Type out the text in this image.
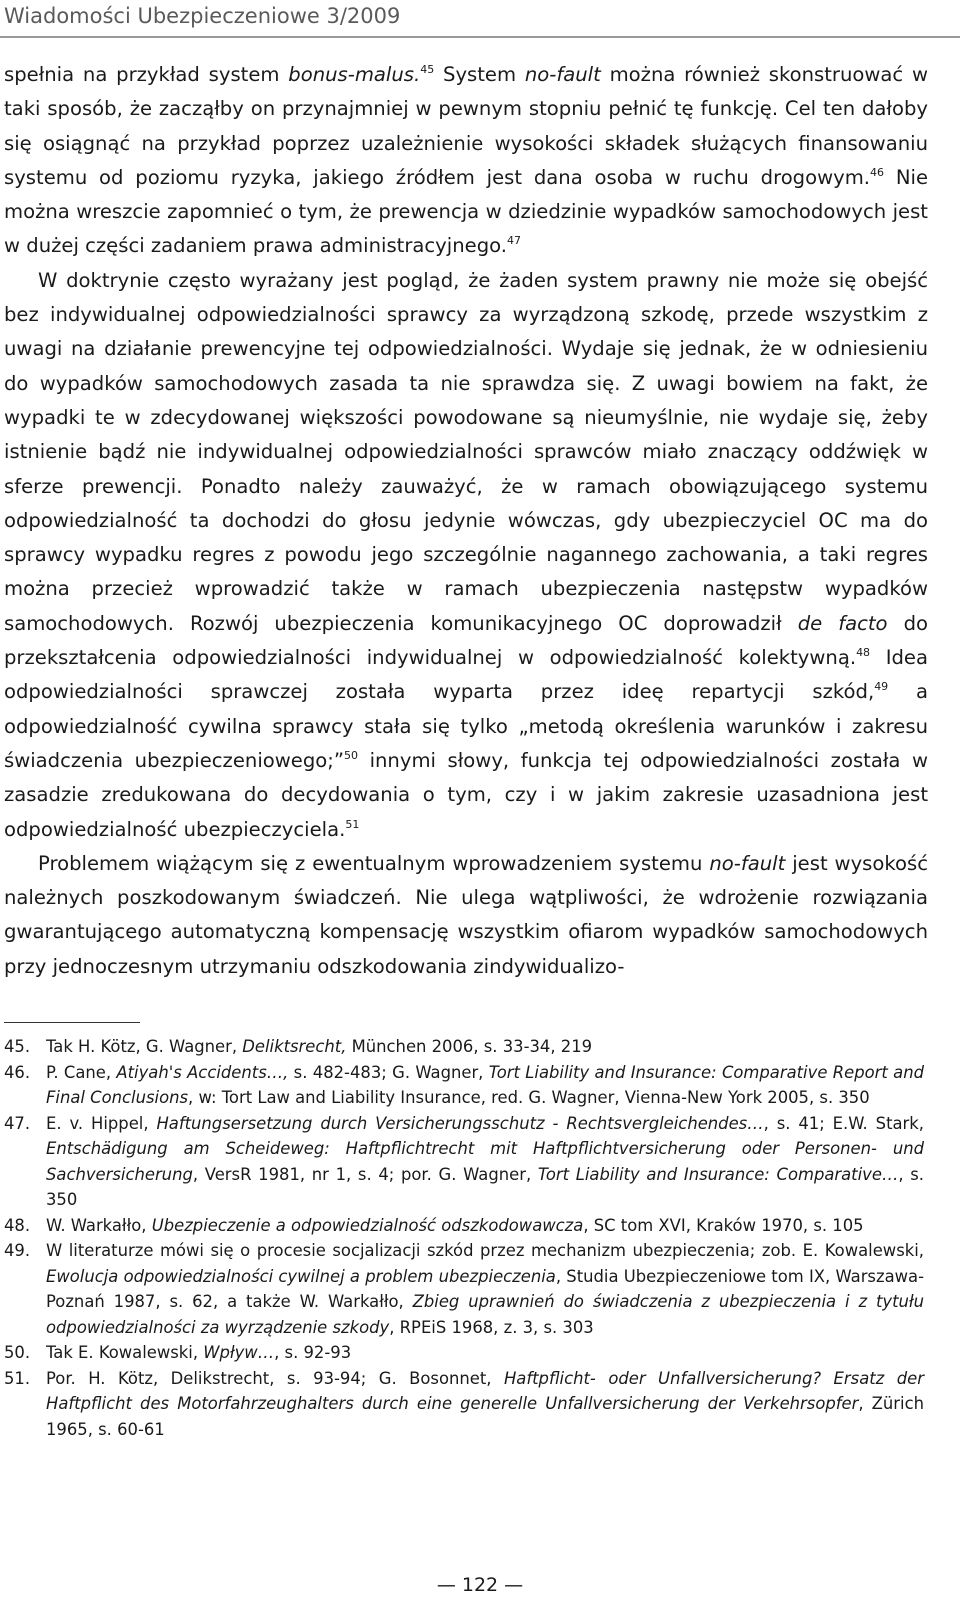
Wiadomości Ubezpieczeniowe 3/2009

spełnia na przykład system bonus-malus.$^{45}$ System no-fault można również skonstruować w taki sposób, że zacząłby on przynajmniej w pewnym stopniu pełnić tę funkcję. Cel ten dałoby się osiągnąć na przykład poprzez uzależnienie wysokości składek służących finansowaniu systemu od poziomu ryzyka, jakiego źródłem jest dana osoba w ruchu drogowym.$^{46}$ Nie można wreszcie zapomnieć o tym, że prewencja w dziedzinie wypadków samochodowych jest w dużej części zadaniem prawa administracyjnego.$^{47}$

W doktrynie często wyrażany jest pogląd, że żaden system prawny nie może się obejść bez indywidualnej odpowiedzialności sprawcy za wyrządzoną szkodę, przede wszystkim z uwagi na działanie prewencyjne tej odpowiedzialności. Wydaje się jednak, że w odniesieniu do wypadków samochodowych zasada ta nie sprawdza się. Z uwagi bowiem na fakt, że wypadki te w zdecydowanej większości powodowane są nieumyślnie, nie wydaje się, żeby istnienie bądź nie indywidualnej odpowiedzialności sprawców miało znaczący oddźwięk w sferze prewencji. Ponadto należy zauważyć, że w ramach obowiązującego systemu odpowiedzialność ta dochodzi do głosu jedynie wówczas, gdy ubezpieczyciel OC ma do sprawcy wypadku regres z powodu jego szczególnie nagannego zachowania, a taki regres można przecież wprowadzić także w ramach ubezpieczenia następstw wypadków samochodowych. Rozwój ubezpieczenia komunikacyjnego OC doprowadził de facto do przekształcenia odpowiedzialności indywidualnej w odpowiedzialność kolektywną.$^{48}$ Idea odpowiedzialności sprawczej została wyparta przez ideę repartycji szkód,$^{49}$ a odpowiedzialność cywilna sprawcy stała się tylko „metodą określenia warunków i zakresu świadczenia ubezpieczeniowego;”$^{50}$ innymi słowy, funkcja tej odpowiedzialności została w zasadzie zredukowana do decydowania o tym, czy i w jakim zakresie uzasadniona jest odpowiedzialność ubezpieczyciela.$^{51}$

Problemem wiążącym się z ewentualnym wprowadzeniem systemu no-fault jest wysokość należnych poszkodowanym świadczeń. Nie ulega wątpliwości, że wdrożenie rozwiązania gwarantującego automatyczną kompensację wszystkim ofiarom wypadków samochodowych przy jednoczesnym utrzymaniu odszkodowania zindywidualizo-

45. Tak H. Kötz, G. Wagner, Deliktsrecht, München 2006, s. 33-34, 219
46. P. Cane, Atiyah's Accidents…, s. 482-483; G. Wagner, Tort Liability and Insurance: Comparative Report and Final Conclusions, w: Tort Law and Liability Insurance, red. G. Wagner, Vienna-New York 2005, s. 350
47. E. v. Hippel, Haftungsersetzung durch Versicherungsschutz - Rechtsvergleichendes…, s. 41; E.W. Stark, Entschädigung am Scheideweg: Haftpflichtrecht mit Haftpflichtversicherung oder Personen- und Sachversicherung, VersR 1981, nr 1, s. 4; por. G. Wagner, Tort Liability and Insurance: Comparative…, s. 350
48. W. Warkałło, Ubezpieczenie a odpowiedzialność odszkodowawcza, SC tom XVI, Kraków 1970, s. 105
49. W literaturze mówi się o procesie socjalizacji szkód przez mechanizm ubezpieczenia; zob. E. Kowalewski, Ewolucja odpowiedzialności cywilnej a problem ubezpieczenia, Studia Ubezpieczeniowe tom IX, Warszawa-Poznań 1987, s. 62, a także W. Warkałło, Zbieg uprawnień do świadczenia z ubezpieczenia i z tytułu odpowiedzialności za wyrządzenie szkody, RPEiS 1968, z. 3, s. 303
50. Tak E. Kowalewski, Wpływ…, s. 92-93
51. Por. H. Kötz, Delikstrecht, s. 93-94; G. Bosonnet, Haftpflicht- oder Unfallversicherung? Ersatz der Haftpflicht des Motorfahrzeughalters durch eine generelle Unfallversicherung der Verkehrsopfer, Zürich 1965, s. 60-61
— 122 —
